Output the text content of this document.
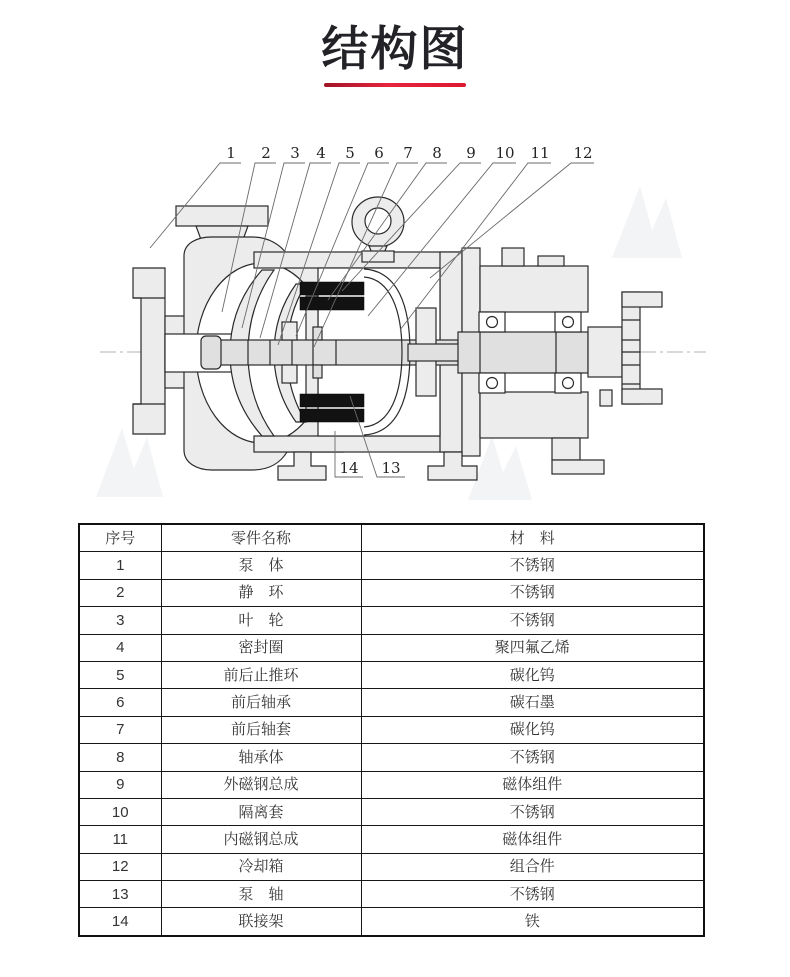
结构图
1 2 3 4 5 6 7 8 9 10 11 12
14 13
序号	零件名称	材　料
1	泵　体	不锈钢
2	静　环	不锈钢
3	叶　轮	不锈钢
4	密封圈	聚四氟乙烯
5	前后止推环	碳化钨
6	前后轴承	碳石墨
7	前后轴套	碳化钨
8	轴承体	不锈钢
9	外磁钢总成	磁体组件
10	隔离套	不锈钢
11	内磁钢总成	磁体组件
12	冷却箱	组合件
13	泵　轴	不锈钢
14	联接架	铁
